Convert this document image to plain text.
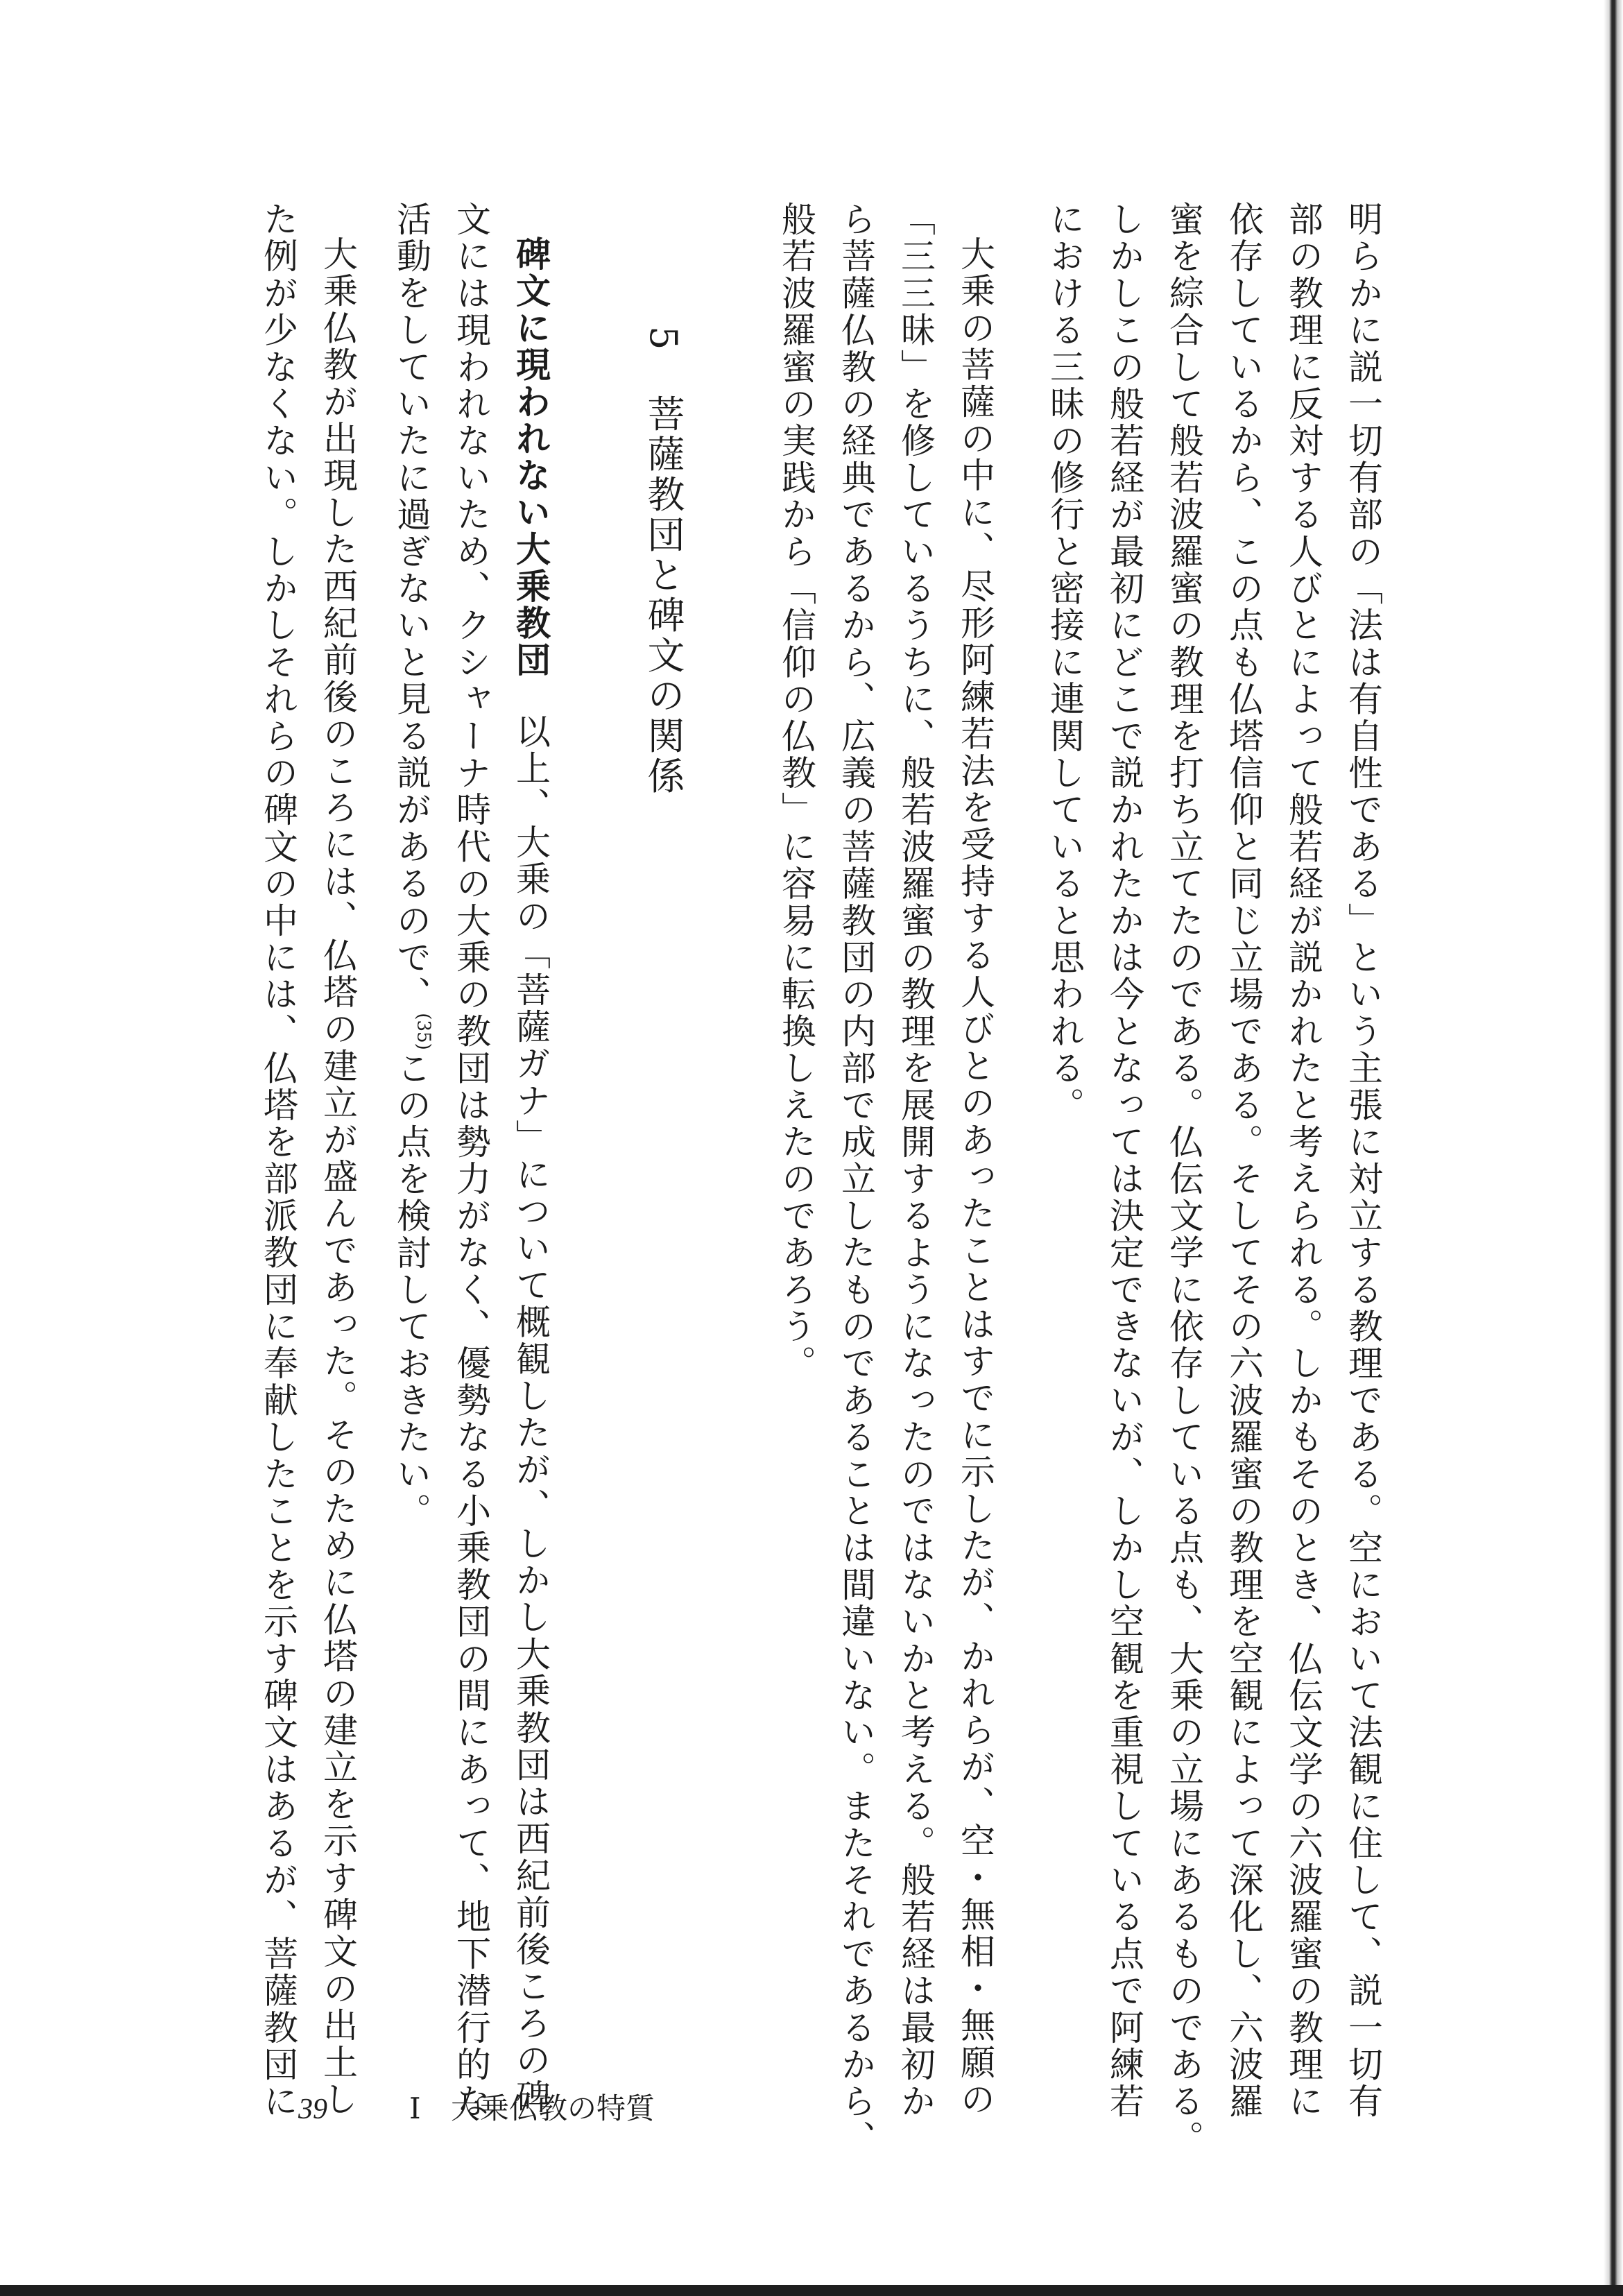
明らかに説一切有部の「法は有自性である」という主張に対立する教理である。空において法観に住して、説一切有
部の教理に反対する人びとによって般若経が説かれたと考えられる。しかもそのとき、仏伝文学の六波羅蜜の教理に
依存しているから、この点も仏塔信仰と同じ立場である。そしてその六波羅蜜の教理を空観によって深化し、六波羅
蜜を綜合して般若波羅蜜の教理を打ち立てたのである。仏伝文学に依存している点も、大乗の立場にあるものである。
しかしこの般若経が最初にどこで説かれたかは今となっては決定できないが、しかし空観を重視している点で阿練若
における三昧の修行と密接に連関していると思われる。
大乗の菩薩の中に、尽形阿練若法を受持する人びとのあったことはすでに示したが、かれらが、空・無相・無願の
「三三昧」を修しているうちに、般若波羅蜜の教理を展開するようになったのではないかと考える。般若経は最初か
ら菩薩仏教の経典であるから、広義の菩薩教団の内部で成立したものであることは間違いない。またそれであるから、
般若波羅蜜の実践から「信仰の仏教」に容易に転換しえたのであろう。
5菩薩教団と碑文の関係
碑文に現われない大乗教団以上、大乗の「菩薩ガナ」について概観したが、しかし大乗教団は西紀前後ころの碑
文には現われないため、クシャーナ時代の大乗の教団は勢力がなく、優勢なる小乗教団の間にあって、地下潜行的な
活動をしていたに過ぎないと見る説があるので、$^{(35)}$この点を検討しておきたい。
大乗仏教が出現した西紀前後のころには、仏塔の建立が盛んであった。そのために仏塔の建立を示す碑文の出土し
た例が少なくない。しかしそれらの碑文の中には、仏塔を部派教団に奉献したことを示す碑文はあるが、菩薩教団に 39	I 大乗仏教の特質
